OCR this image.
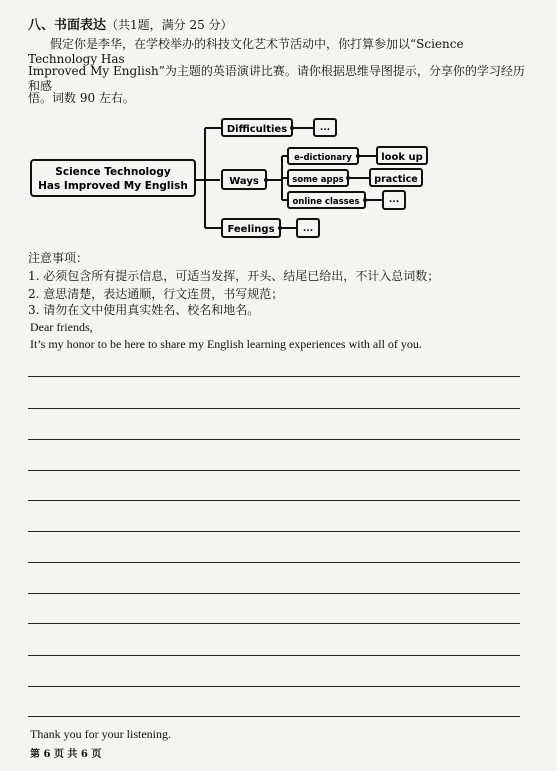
八、书面表达（共1题，满分 25 分）
假定你是李华，在学校举办的科技文化艺术节活动中，你打算参加以“Science Technology Has
Improved My English”为主题的英语演讲比赛。请你根据思维导图提示，分享你的学习经历和感
悟。词数 90 左右。
Science Technology
Has Improved My English
Difficulties	...
Ways
Feelings	...
e-dictionary	look up
some apps	practice
online classes	...
注意事项：
1. 必须包含所有提示信息，可适当发挥，开头、结尾已给出，不计入总词数；
2. 意思清楚，表达通顺，行文连贯，书写规范；
3. 请勿在文中使用真实姓名、校名和地名。
Dear friends,
It’s my honor to be here to share my English learning experiences with all of you.
Thank you for your listening.
第 6 页 共 6 页
